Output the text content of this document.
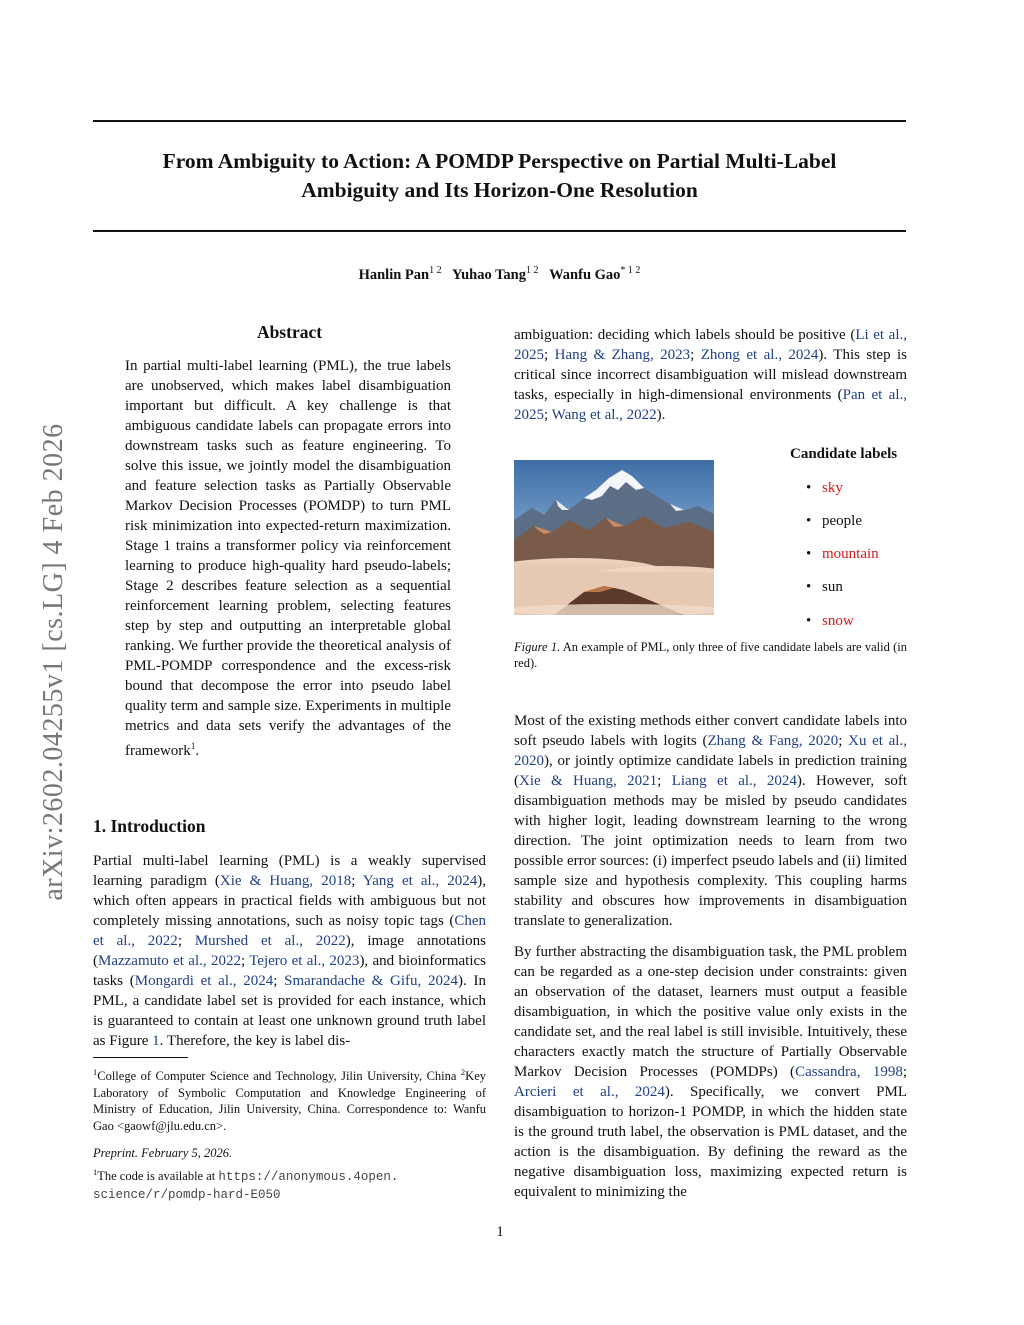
arXiv:2602.04255v1 [cs.LG] 4 Feb 2026
From Ambiguity to Action: A POMDP Perspective on Partial Multi-Label
Ambiguity and Its Horizon-One Resolution
Hanlin Pan$^{1 2}$ Yuhao Tang$^{1 2}$ Wanfu Gao$^{* 1 2}$
Abstract
In partial multi-label learning (PML), the true labels are unobserved, which makes label disambiguation important but difficult. A key challenge is that ambiguous candidate labels can propagate errors into downstream tasks such as feature engineering. To solve this issue, we jointly model the disambiguation and feature selection tasks as Partially Observable Markov Decision Processes (POMDP) to turn PML risk minimization into expected-return maximization. Stage 1 trains a transformer policy via reinforcement learning to produce high-quality hard pseudo-labels; Stage 2 describes feature selection as a sequential reinforcement learning problem, selecting features step by step and outputting an interpretable global ranking. We further provide the theoretical analysis of PML-POMDP correspondence and the excess-risk bound that decompose the error into pseudo label quality term and sample size. Experiments in multiple metrics and data sets verify the advantages of the framework$^1$.
1. Introduction

Partial multi-label learning (PML) is a weakly supervised learning paradigm (Xie & Huang, 2018; Yang et al., 2024), which often appears in practical fields with ambiguous but not completely missing annotations, such as noisy topic tags (Chen et al., 2022; Murshed et al., 2022), image annotations (Mazzamuto et al., 2022; Tejero et al., 2023), and bioinformatics tasks (Mongardi et al., 2024; Smarandache & Gifu, 2024). In PML, a candidate label set is provided for each instance, which is guaranteed to contain at least one unknown ground truth label as Figure 1. Therefore, the key is label dis-

$^1$College of Computer Science and Technology, Jilin University, China $^2$Key Laboratory of Symbolic Computation and Knowledge Engineering of Ministry of Education, Jilin University, China. Correspondence to: Wanfu Gao <gaowf@jlu.edu.cn>.
Preprint. February 5, 2026.
$^1$The code is available at https://anonymous.4open.
science/r/pomdp-hard-E050

ambiguation: deciding which labels should be positive (Li et al., 2025; Hang & Zhang, 2023; Zhong et al., 2024). This step is critical since incorrect disambiguation will mislead downstream tasks, especially in high-dimensional environments (Pan et al., 2025; Wang et al., 2022).

Candidate labels
• sky
• people
• mountain
• sun
• snow
Figure 1. An example of PML, only three of five candidate labels are valid (in red).

Most of the existing methods either convert candidate labels into soft pseudo labels with logits (Zhang & Fang, 2020; Xu et al., 2020), or jointly optimize candidate labels in prediction training (Xie & Huang, 2021; Liang et al., 2024). However, soft disambiguation methods may be misled by pseudo candidates with higher logit, leading downstream learning to the wrong direction. The joint optimization needs to learn from two possible error sources: (i) imperfect pseudo labels and (ii) limited sample size and hypothesis complexity. This coupling harms stability and obscures how improvements in disambiguation translate to generalization.

By further abstracting the disambiguation task, the PML problem can be regarded as a one-step decision under constraints: given an observation of the dataset, learners must output a feasible disambiguation, in which the positive value only exists in the candidate set, and the real label is still invisible. Intuitively, these characters exactly match the structure of Partially Observable Markov Decision Processes (POMDPs) (Cassandra, 1998; Arcieri et al., 2024). Specifically, we convert PML disambiguation to horizon-1 POMDP, in which the hidden state is the ground truth label, the observation is PML dataset, and the action is the disambiguation. By defining the reward as the negative disambiguation loss, maximizing expected return is equivalent to minimizing the

1
